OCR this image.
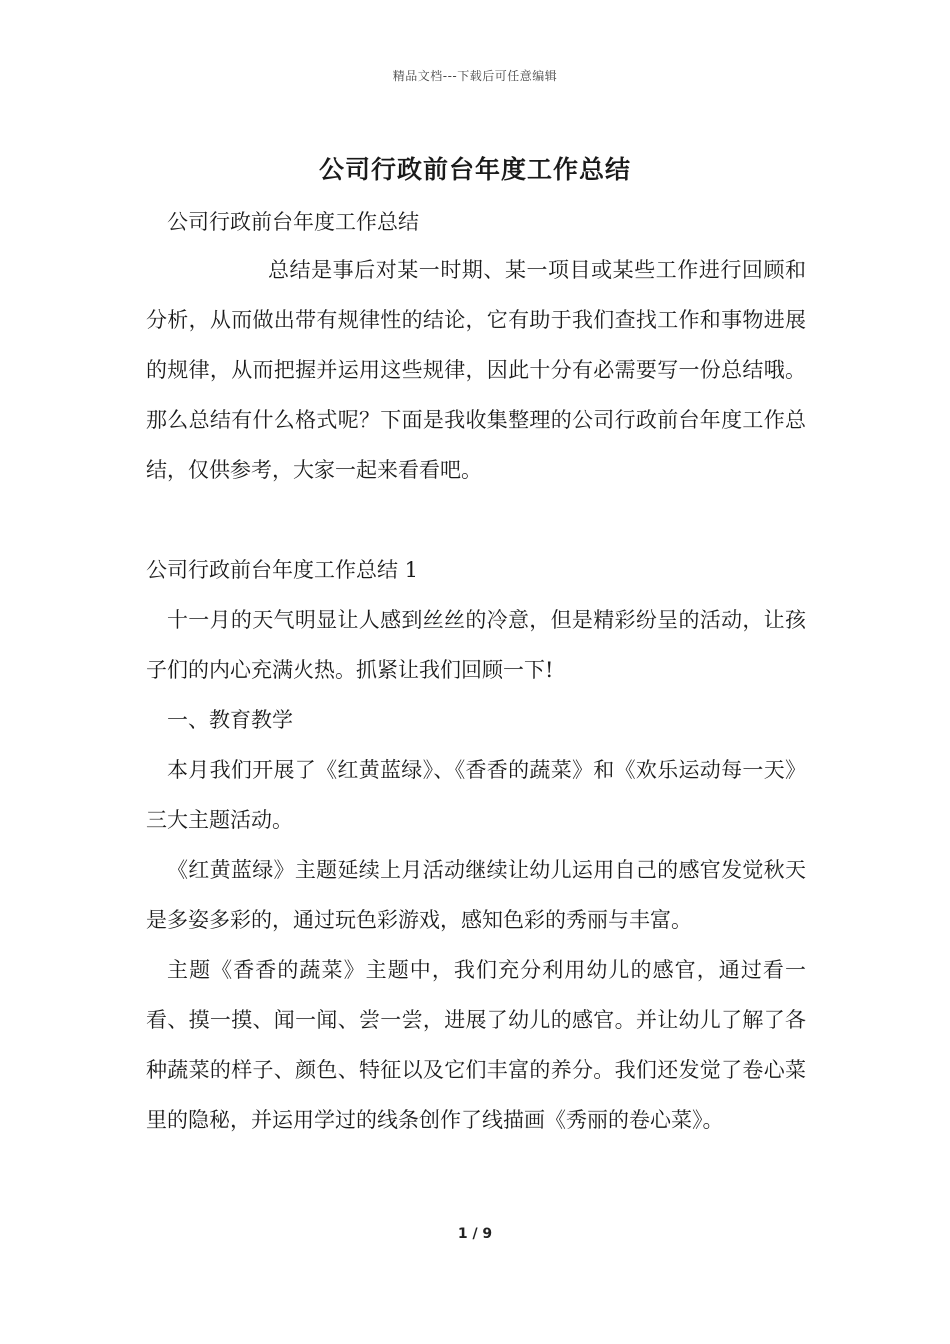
精品文档---下载后可任意编辑
公司行政前台年度工作总结
公司行政前台年度工作总结
总结是事后对某一时期、某一项目或某些工作进行回顾和分析，从而做出带有规律性的结论，它有助于我们查找工作和事物进展的规律，从而把握并运用这些规律，因此十分有必需要写一份总结哦。那么总结有什么格式呢？下面是我收集整理的公司行政前台年度工作总结，仅供参考，大家一起来看看吧。
公司行政前台年度工作总结 1
十一月的天气明显让人感到丝丝的冷意，但是精彩纷呈的活动，让孩子们的内心充满火热。抓紧让我们回顾一下!
一、教育教学
本月我们开展了《红黄蓝绿》、《香香的蔬菜》和《欢乐运动每一天》三大主题活动。
《红黄蓝绿》主题延续上月活动继续让幼儿运用自己的感官发觉秋天是多姿多彩的，通过玩色彩游戏，感知色彩的秀丽与丰富。
主题《香香的蔬菜》主题中，我们充分利用幼儿的感官，通过看一看、摸一摸、闻一闻、尝一尝，进展了幼儿的感官。并让幼儿了解了各种蔬菜的样子、颜色、特征以及它们丰富的养分。我们还发觉了卷心菜里的隐秘，并运用学过的线条创作了线描画《秀丽的卷心菜》。
1 / 9
